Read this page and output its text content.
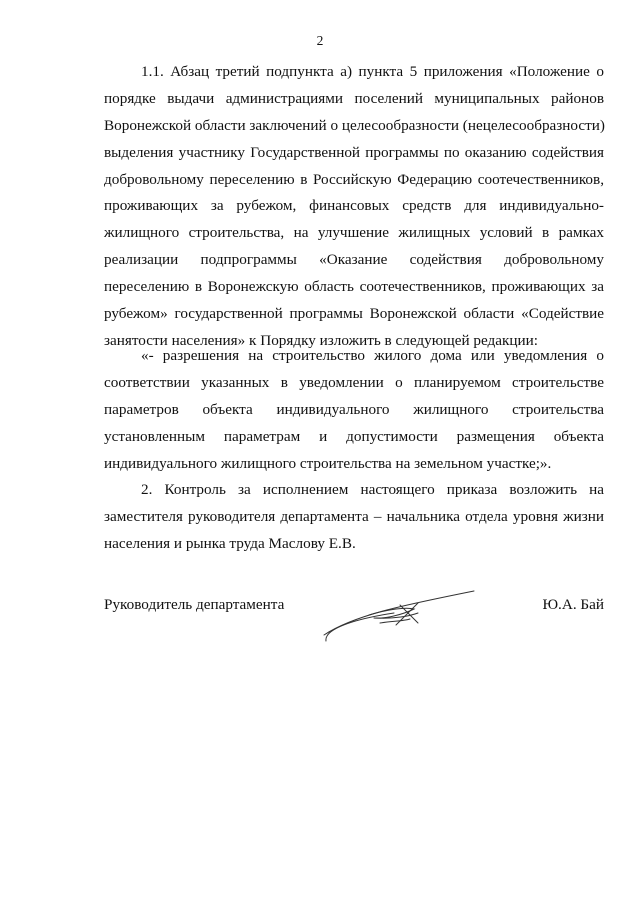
2
1.1. Абзац третий подпункта а) пункта 5 приложения «Положение о
порядке выдачи администрациями поселений муниципальных районов
Воронежской области заключений о целесообразности (нецелесообразности)
выделения участнику Государственной программы по оказанию содействия
добровольному переселению в Российскую Федерацию соотечественников,
проживающих за рубежом, финансовых средств для индивидуально-
жилищного строительства, на улучшение жилищных условий в рамках
реализации подпрограммы «Оказание содействия добровольному
переселению в Воронежскую область соотечественников, проживающих за
рубежом» государственной программы Воронежской области «Содействие
занятости населения» к Порядку изложить в следующей редакции:
«- разрешения на строительство жилого дома или уведомления о
соответствии указанных в уведомлении о планируемом строительстве
параметров объекта индивидуального жилищного строительства
установленным параметрам и допустимости размещения объекта
индивидуального жилищного строительства на земельном участке;».
2. Контроль за исполнением настоящего приказа возложить на
заместителя руководителя департамента – начальника отдела уровня жизни
населения и рынка труда Маслову Е.В.
Руководитель департамента	Ю.А. Бай
